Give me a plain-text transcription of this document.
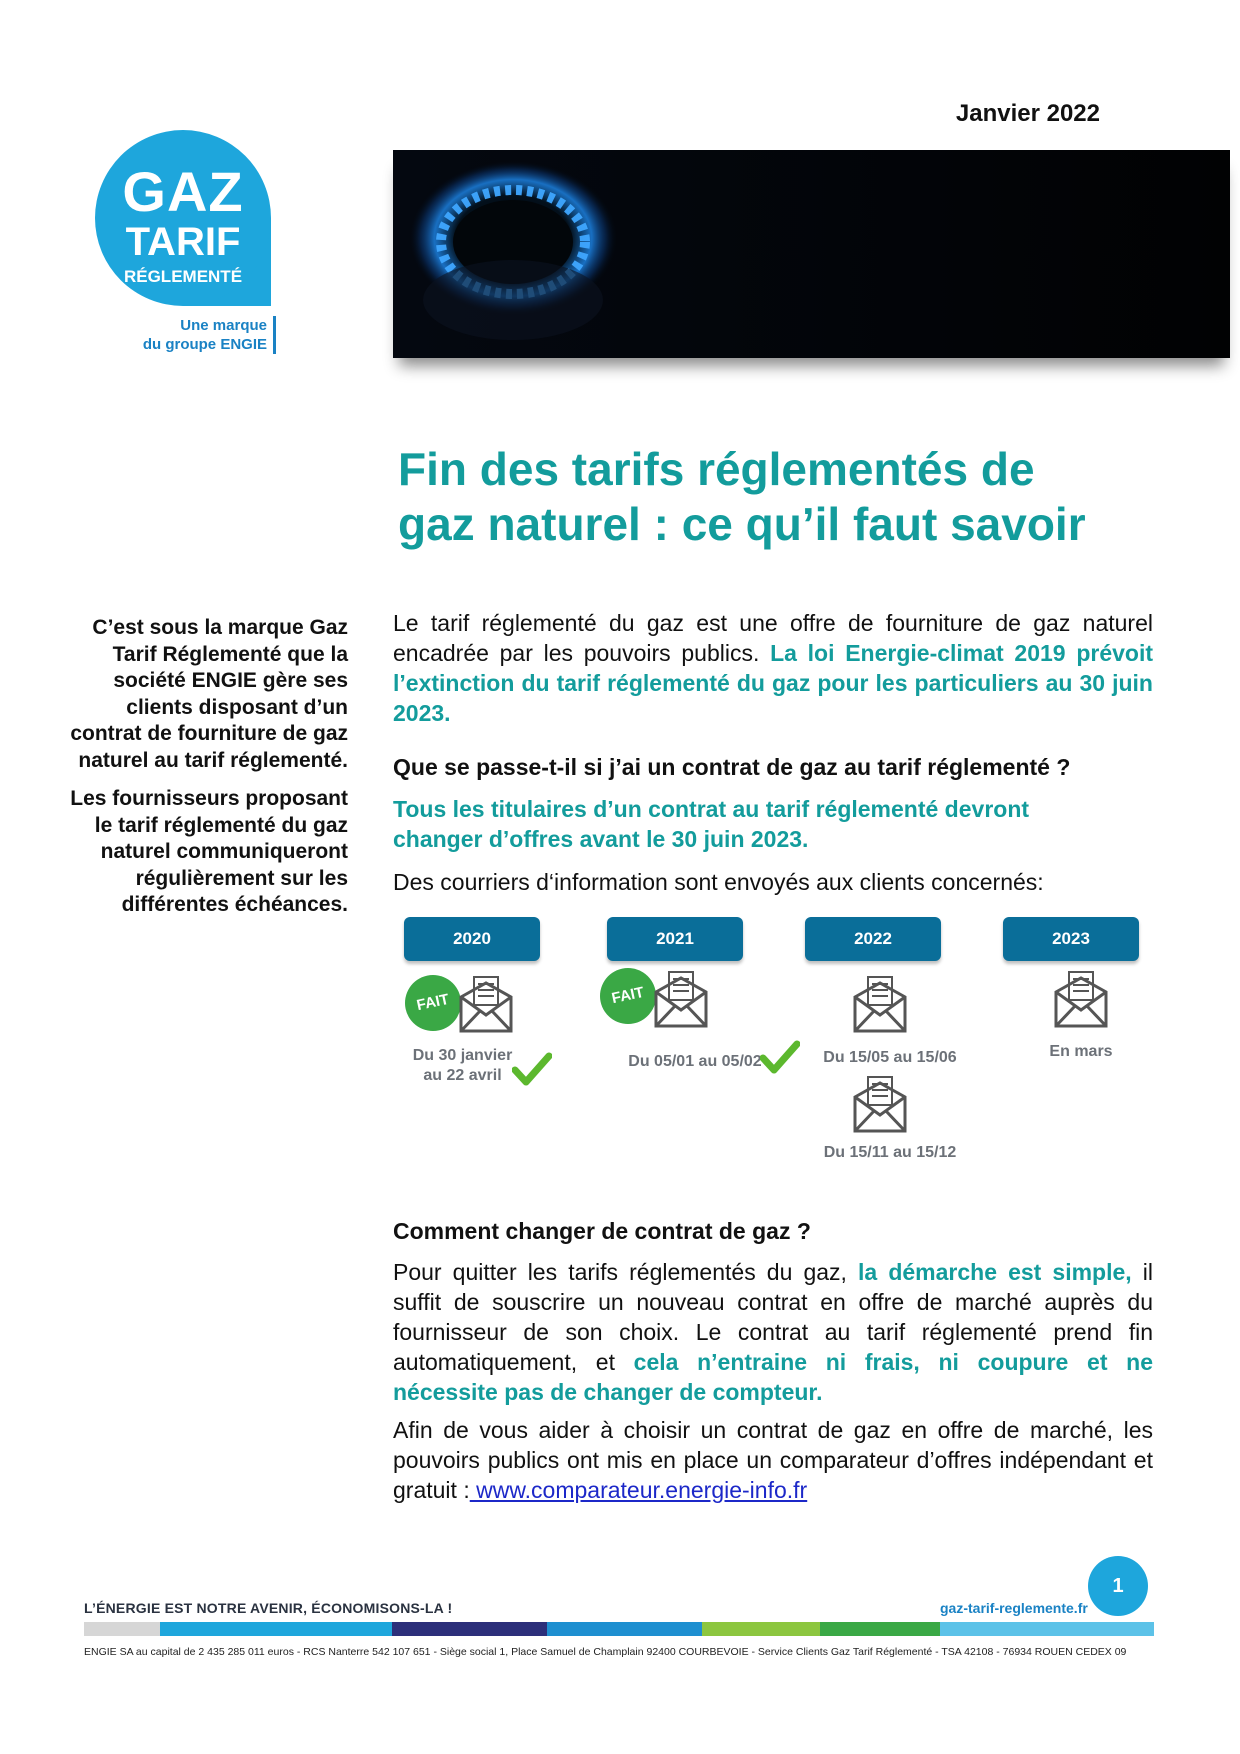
Janvier 2022
GAZ
TARIF
RÉGLEMENTÉ
Une marque
du groupe ENGIE
Fin des tarifs réglementés de
gaz naturel : ce qu’il faut savoir

C’est sous la marque Gaz Tarif Réglementé que la société ENGIE gère ses clients disposant d’un contrat de fourniture de gaz naturel au tarif réglementé.

Les fournisseurs proposant le tarif réglementé du gaz naturel communiqueront régulièrement sur les différentes échéances.

Le tarif réglementé du gaz est une offre de fourniture de gaz naturel encadrée par les pouvoirs publics. La loi Energie-climat 2019 prévoit l’extinction du tarif réglementé du gaz pour les particuliers au 30 juin 2023.

Que se passe-t-il si j’ai un contrat de gaz au tarif réglementé ?
Tous les titulaires d’un contrat au tarif réglementé devront changer d’offres avant le 30 juin 2023.
Des courriers d‘information sont envoyés aux clients concernés:
2020	2021	2022	2023
FAIT
Du 30 janvier
au 22 avril
FAIT
Du 05/01 au 05/02	Du 15/05 au 15/06
Du 15/11 au 15/12
En mars
Comment changer de contrat de gaz ?

Pour quitter les tarifs réglementés du gaz, la démarche est simple, il suffit de souscrire un nouveau contrat en offre de marché auprès du fournisseur de son choix. Le contrat au tarif réglementé prend fin automatiquement, et cela n’entraine ni frais, ni coupure et ne nécessite pas de changer de compteur.

Afin de vous aider à choisir un contrat de gaz en offre de marché, les pouvoirs publics ont mis en place un comparateur d’offres indépendant et gratuit : www.comparateur.energie-info.fr

1
L’ÉNERGIE EST NOTRE AVENIR, ÉCONOMISONS-LA !	gaz-tarif-reglemente.fr
ENGIE SA au capital de 2 435 285 011 euros - RCS Nanterre 542 107 651 - Siège social 1, Place Samuel de Champlain 92400 COURBEVOIE - Service Clients Gaz Tarif Réglementé - TSA 42108 - 76934 ROUEN CEDEX 09
